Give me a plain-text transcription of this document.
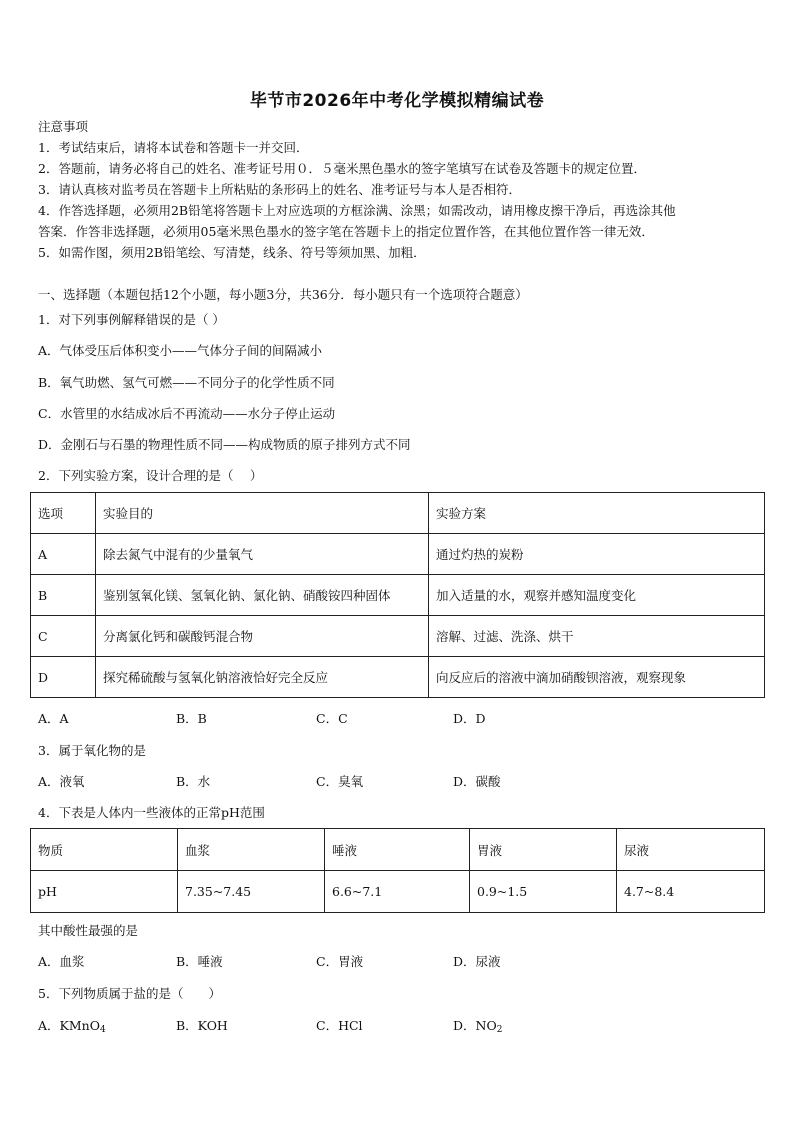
毕节市2026年中考化学模拟精编试卷
注意事项
1．考试结束后，请将本试卷和答题卡一并交回．
2．答题前，请务必将自己的姓名、准考证号用０．５毫米黑色墨水的签字笔填写在试卷及答题卡的规定位置．
3．请认真核对监考员在答题卡上所粘贴的条形码上的姓名、准考证号与本人是否相符．
4．作答选择题，必须用2B铅笔将答题卡上对应选项的方框涂满、涂黑；如需改动，请用橡皮擦干净后，再选涂其他
答案．作答非选择题，必须用05毫米黑色墨水的签字笔在答题卡上的指定位置作答，在其他位置作答一律无效．
5．如需作图，须用2B铅笔绘、写清楚，线条、符号等须加黑、加粗．
一、选择题（本题包括12个小题，每小题3分，共36分．每小题只有一个选项符合题意）
1．对下列事例解释错误的是（ ）
A．气体受压后体积变小——气体分子间的间隔减小
B．氧气助燃、氢气可燃——不同分子的化学性质不同
C．水管里的水结成冰后不再流动——水分子停止运动
D．金刚石与石墨的物理性质不同——构成物质的原子排列方式不同
2．下列实验方案，设计合理的是（　 ）
选项	实验目的	实验方案
A	除去氮气中混有的少量氧气	通过灼热的炭粉
B	鉴别氢氧化镁、氢氧化钠、氯化钠、硝酸铵四种固体	加入适量的水，观察并感知温度变化
C	分离氯化钙和碳酸钙混合物	溶解、过滤、洗涤、烘干
D	探究稀硫酸与氢氧化钠溶液恰好完全反应	向反应后的溶液中滴加硝酸钡溶液，观察现象
A．A	B．B	C．C	D．D
3．属于氧化物的是
A．液氧	B．水	C．臭氧	D．碳酸
4．下表是人体内一些液体的正常pH范围
物质	血浆	唾液	胃液	尿液
pH	7.35~7.45	6.6~7.1	0.9~1.5	4.7~8.4
其中酸性最强的是
A．血浆	B．唾液	C．胃液	D．尿液
5．下列物质属于盐的是（　　）
A．KMnO$_4$	B．KOH	C．HCl	D．$NO_2$
